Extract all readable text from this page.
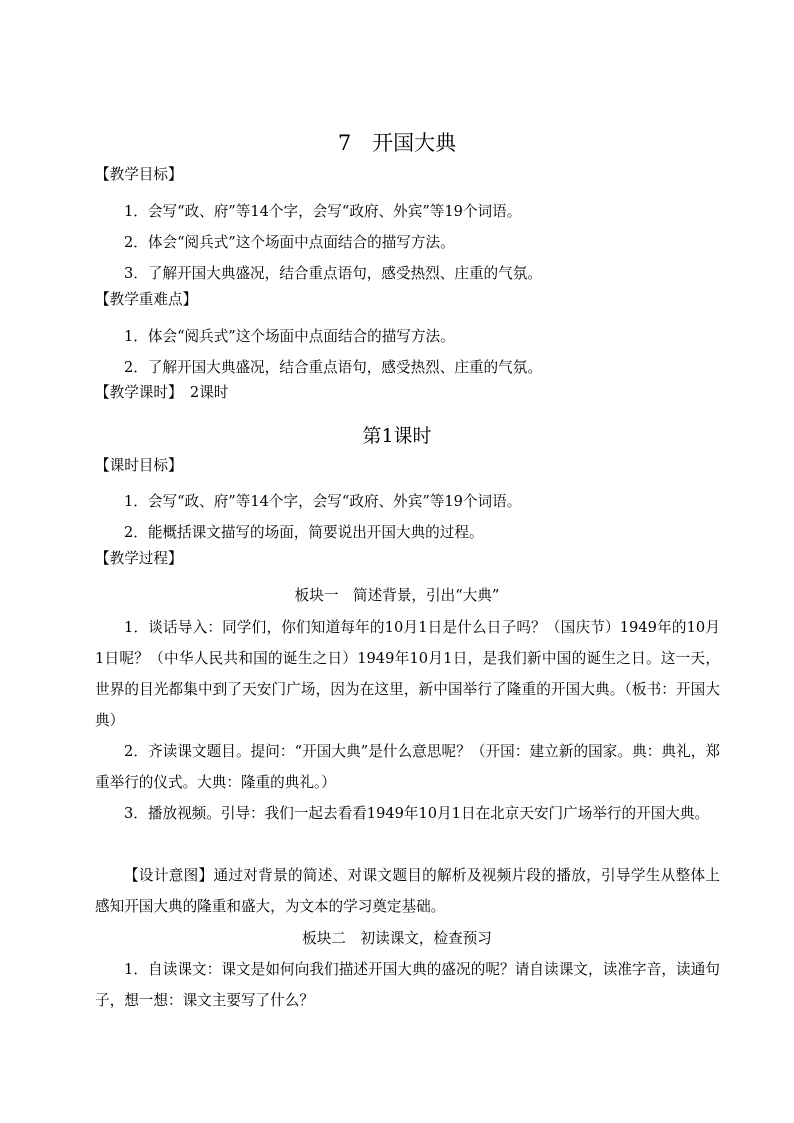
7　开国大典
【教学目标】
1．会写“政、府”等14个字，会写“政府、外宾”等19个词语。
2．体会“阅兵式”这个场面中点面结合的描写方法。
3．了解开国大典盛况，结合重点语句，感受热烈、庄重的气氛。
【教学重难点】
1．体会“阅兵式”这个场面中点面结合的描写方法。
2．了解开国大典盛况，结合重点语句，感受热烈、庄重的气氛。
【教学课时】　2课时
第1课时
【课时目标】
1．会写“政、府”等14个字，会写“政府、外宾”等19个词语。
2．能概括课文描写的场面，简要说出开国大典的过程。
【教学过程】
板块一　简述背景，引出“大典”
1．谈话导入：同学们，你们知道每年的10月1日是什么日子吗？（国庆节）1949年的10月1日呢？（中华人民共和国的诞生之日）1949年10月1日，是我们新中国的诞生之日。这一天，世界的目光都集中到了天安门广场，因为在这里，新中国举行了隆重的开国大典。（板书：开国大典）
2．齐读课文题目。提问：“开国大典”是什么意思呢？（开国：建立新的国家。典：典礼，郑重举行的仪式。大典：隆重的典礼。）
3．播放视频。引导：我们一起去看看1949年10月1日在北京天安门广场举行的开国大典。
【设计意图】通过对背景的简述、对课文题目的解析及视频片段的播放，引导学生从整体上感知开国大典的隆重和盛大，为文本的学习奠定基础。
板块二　初读课文，检查预习
1．自读课文：课文是如何向我们描述开国大典的盛况的呢？请自读课文，读准字音，读通句子，想一想：课文主要写了什么？
